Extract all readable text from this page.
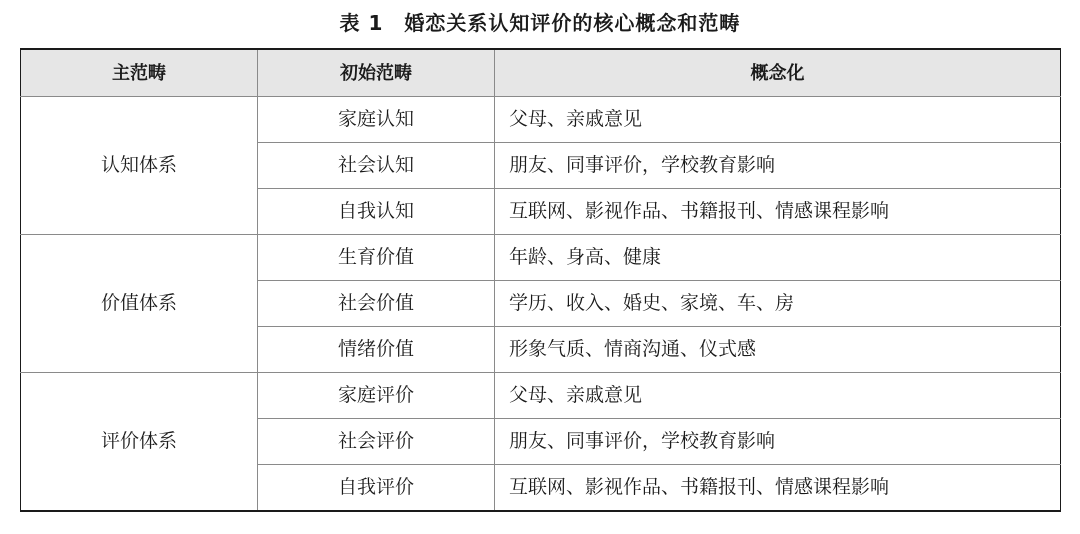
表 1　婚恋关系认知评价的核心概念和范畴
主范畴	初始范畴	概念化
认知体系	家庭认知	父母、亲戚意见
	社会认知	朋友、同事评价，学校教育影响
	自我认知	互联网、影视作品、书籍报刊、情感课程影响
价值体系	生育价值	年龄、身高、健康
	社会价值	学历、收入、婚史、家境、车、房
	情绪价值	形象气质、情商沟通、仪式感
评价体系	家庭评价	父母、亲戚意见
	社会评价	朋友、同事评价，学校教育影响
	自我评价	互联网、影视作品、书籍报刊、情感课程影响
